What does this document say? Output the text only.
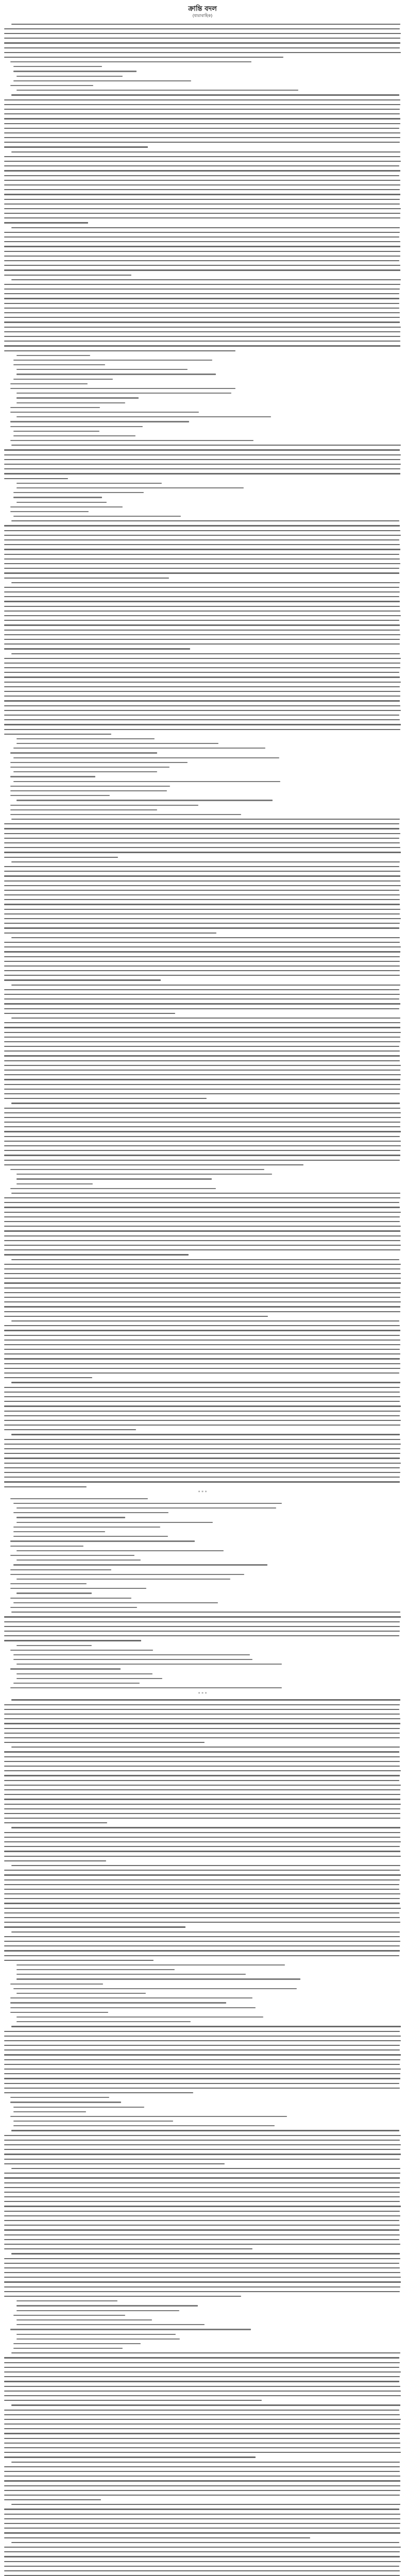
ক্রান্তি বদল
(ধারাবাহিক)
* * *
* * *
